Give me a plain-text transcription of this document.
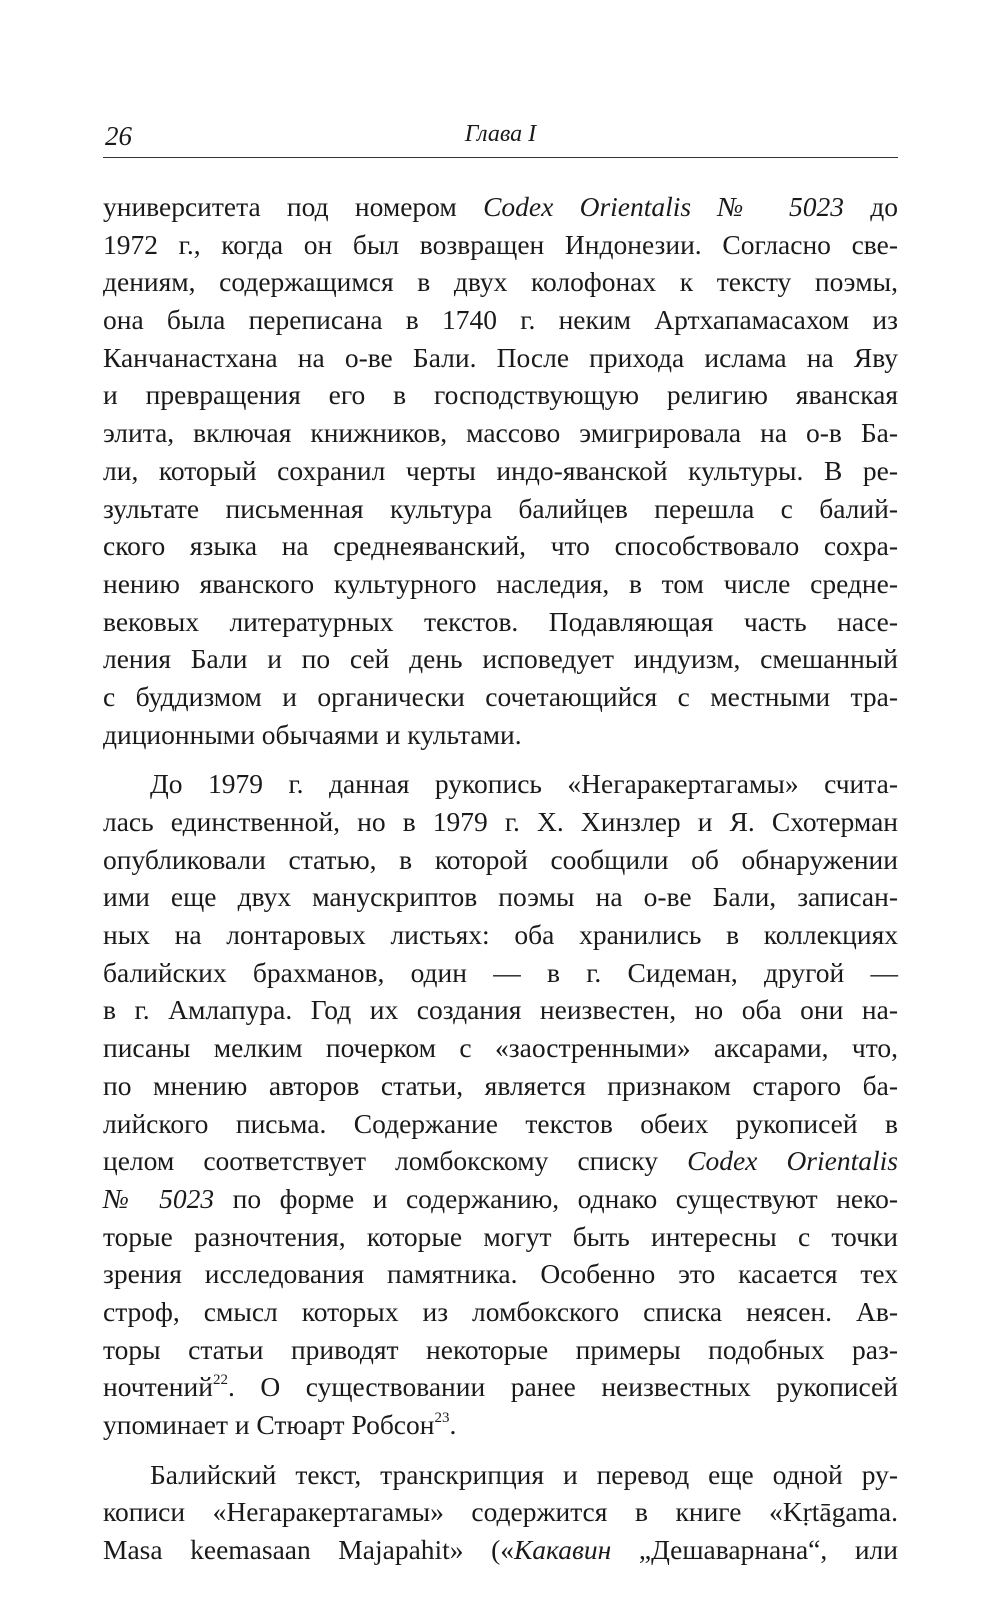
26	Глава I
университета под номером Codex Orientalis № 5023 до
1972 г., когда он был возвращен Индонезии. Согласно све-
дениям, содержащимся в двух колофонах к тексту поэмы,
она была переписана в 1740 г. неким Артхапамасахом из
Канчанастхана на о-ве Бали. После прихода ислама на Яву
и превращения его в господствующую религию яванская
элита, включая книжников, массово эмигрировала на о-в Ба-
ли, который сохранил черты индо-яванской культуры. В ре-
зультате письменная культура балийцев перешла с балий-
ского языка на среднеяванский, что способствовало сохра-
нению яванского культурного наследия, в том числе средне-
вековых литературных текстов. Подавляющая часть насе-
ления Бали и по сей день исповедует индуизм, смешанный
с буддизмом и органически сочетающийся с местными тра-
диционными обычаями и культами.
До 1979 г. данная рукопись «Негаракертагамы» счита-
лась единственной, но в 1979 г. Х. Хинзлер и Я. Схотерман
опубликовали статью, в которой сообщили об обнаружении
ими еще двух манускриптов поэмы на о-ве Бали, записан-
ных на лонтаровых листьях: оба хранились в коллекциях
балийских брахманов, один — в г. Сидеман, другой —
в г. Амлапура. Год их создания неизвестен, но оба они на-
писаны мелким почерком с «заостренными» аксарами, что,
по мнению авторов статьи, является признаком старого ба-
лийского письма. Содержание текстов обеих рукописей в
целом соответствует ломбокскому списку Codex Orientalis
№ 5023 по форме и содержанию, однако существуют неко-
торые разночтения, которые могут быть интересны с точки
зрения исследования памятника. Особенно это касается тех
строф, смысл которых из ломбокского списка неясен. Ав-
торы статьи приводят некоторые примеры подобных раз-
ночтений$^{22}$. О существовании ранее неизвестных рукописей
упоминает и Стюарт Робсон$^{23}$.
Балийский текст, транскрипция и перевод еще одной ру-
кописи «Негаракертагамы» содержится в книге «Kṛtāgama.
Masa keemasaan Majapahit» («Какавин „Дешаварнана“, или
